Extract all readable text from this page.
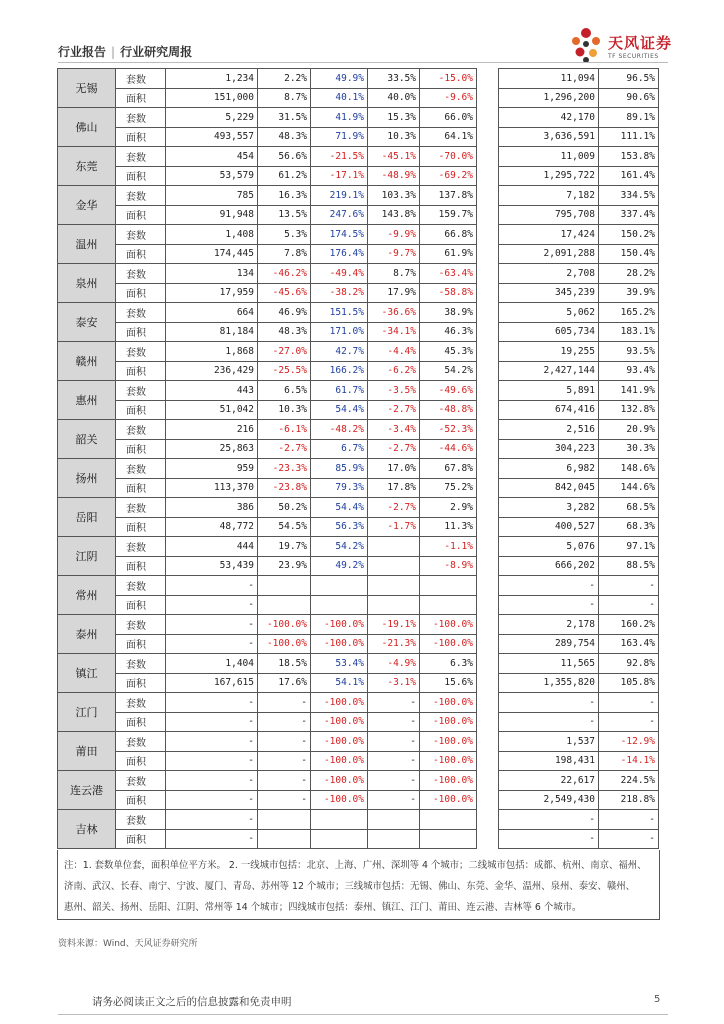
行业报告 | 行业研究周报	天风证券
TF SECURITIES
无锡	套数	1,234	2.2%	49.9%	33.5%	-15.0%		11,094	96.5%
	面积	151,000	8.7%	40.1%	40.0%	-9.6%		1,296,200	90.6%
佛山	套数	5,229	31.5%	41.9%	15.3%	66.0%		42,170	89.1%
	面积	493,557	48.3%	71.9%	10.3%	64.1%		3,636,591	111.1%
东莞	套数	454	56.6%	-21.5%	-45.1%	-70.0%		11,009	153.8%
	面积	53,579	61.2%	-17.1%	-48.9%	-69.2%		1,295,722	161.4%
金华	套数	785	16.3%	219.1%	103.3%	137.8%		7,182	334.5%
	面积	91,948	13.5%	247.6%	143.8%	159.7%		795,708	337.4%
温州	套数	1,408	5.3%	174.5%	-9.9%	66.8%		17,424	150.2%
	面积	174,445	7.8%	176.4%	-9.7%	61.9%		2,091,288	150.4%
泉州	套数	134	-46.2%	-49.4%	8.7%	-63.4%		2,708	28.2%
	面积	17,959	-45.6%	-38.2%	17.9%	-58.8%		345,239	39.9%
泰安	套数	664	46.9%	151.5%	-36.6%	38.9%		5,062	165.2%
	面积	81,184	48.3%	171.0%	-34.1%	46.3%		605,734	183.1%
赣州	套数	1,868	-27.0%	42.7%	-4.4%	45.3%		19,255	93.5%
	面积	236,429	-25.5%	166.2%	-6.2%	54.2%		2,427,144	93.4%
惠州	套数	443	6.5%	61.7%	-3.5%	-49.6%		5,891	141.9%
	面积	51,042	10.3%	54.4%	-2.7%	-48.8%		674,416	132.8%
韶关	套数	216	-6.1%	-48.2%	-3.4%	-52.3%		2,516	20.9%
	面积	25,863	-2.7%	6.7%	-2.7%	-44.6%		304,223	30.3%
扬州	套数	959	-23.3%	85.9%	17.0%	67.8%		6,982	148.6%
	面积	113,370	-23.8%	79.3%	17.8%	75.2%		842,045	144.6%
岳阳	套数	386	50.2%	54.4%	-2.7%	2.9%		3,282	68.5%
	面积	48,772	54.5%	56.3%	-1.7%	11.3%		400,527	68.3%
江阴	套数	444	19.7%	54.2%		-1.1%		5,076	97.1%
	面积	53,439	23.9%	49.2%		-8.9%		666,202	88.5%
常州	套数	-						-	-
	面积	-						-	-
泰州	套数	-	-100.0%	-100.0%	-19.1%	-100.0%		2,178	160.2%
	面积	-	-100.0%	-100.0%	-21.3%	-100.0%		289,754	163.4%
镇江	套数	1,404	18.5%	53.4%	-4.9%	6.3%		11,565	92.8%
	面积	167,615	17.6%	54.1%	-3.1%	15.6%		1,355,820	105.8%
江门	套数	-	-	-100.0%	-	-100.0%		-	-
	面积	-	-	-100.0%	-	-100.0%		-	-
莆田	套数	-	-	-100.0%	-	-100.0%		1,537	-12.9%
	面积	-	-	-100.0%	-	-100.0%		198,431	-14.1%
连云港	套数	-	-	-100.0%	-	-100.0%		22,617	224.5%
	面积	-	-	-100.0%	-	-100.0%		2,549,430	218.8%
吉林	套数	-						-	-
	面积	-						-	-
注：1. 套数单位套，面积单位平方米。 2. 一线城市包括：北京、上海、广州、深圳等 4 个城市；二线城市包括：成都、杭州、南京、福州、
济南、武汉、长春、南宁、宁波、厦门、青岛、苏州等 12 个城市；三线城市包括：无锡、佛山、东莞、金华、温州、泉州、泰安、赣州、
惠州、韶关、扬州、岳阳、江阴、常州等 14 个城市；四线城市包括：泰州、镇江、江门、莆田、连云港、吉林等 6 个城市。
资料来源：Wind、天风证券研究所
请务必阅读正文之后的信息披露和免责申明	5
